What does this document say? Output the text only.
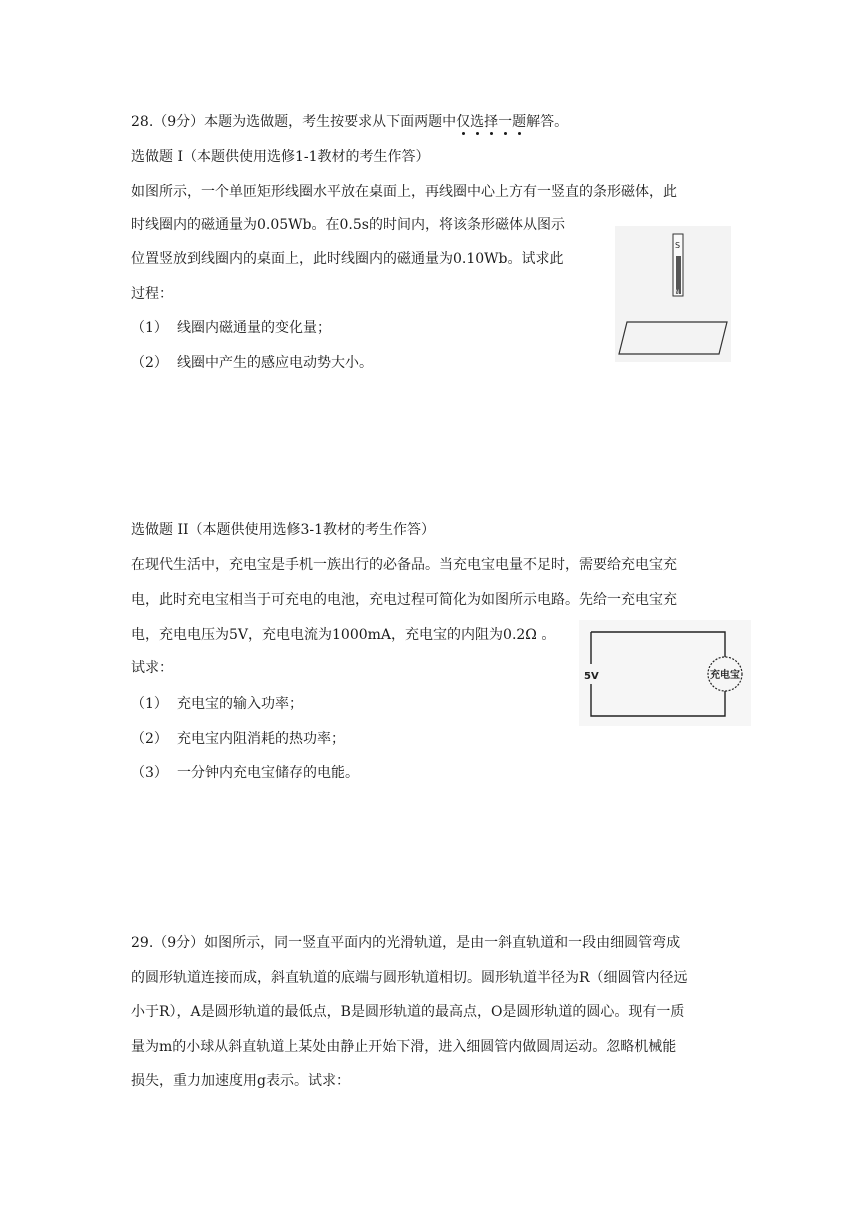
28.（9分）本题为选做题，考生按要求从下面两题中仅选择一题解答。
选做题 I（本题供使用选修1-1教材的考生作答）
如图所示，一个单匝矩形线圈水平放在桌面上，再线圈中心上方有一竖直的条形磁体，此
时线圈内的磁通量为0.05Wb。在0.5s的时间内，将该条形磁体从图示
位置竖放到线圈内的桌面上，此时线圈内的磁通量为0.10Wb。试求此
过程：
（1） 线圈内磁通量的变化量；
（2） 线圈中产生的感应电动势大小。
S
N
选做题 II（本题供使用选修3-1教材的考生作答）
在现代生活中，充电宝是手机一族出行的必备品。当充电宝电量不足时，需要给充电宝充
电，此时充电宝相当于可充电的电池，充电过程可简化为如图所示电路。先给一充电宝充
电，充电电压为5V，充电电流为1000mA，充电宝的内阻为0.2Ω 。
试求：
（1） 充电宝的输入功率；
（2） 充电宝内阻消耗的热功率；
（3） 一分钟内充电宝储存的电能。
5V	充电宝
29.（9分）如图所示，同一竖直平面内的光滑轨道，是由一斜直轨道和一段由细圆管弯成
的圆形轨道连接而成，斜直轨道的底端与圆形轨道相切。圆形轨道半径为R（细圆管内径远
小于R），A是圆形轨道的最低点，B是圆形轨道的最高点，O是圆形轨道的圆心。现有一质
量为m的小球从斜直轨道上某处由静止开始下滑，进入细圆管内做圆周运动。忽略机械能
损失，重力加速度用g表示。试求：
